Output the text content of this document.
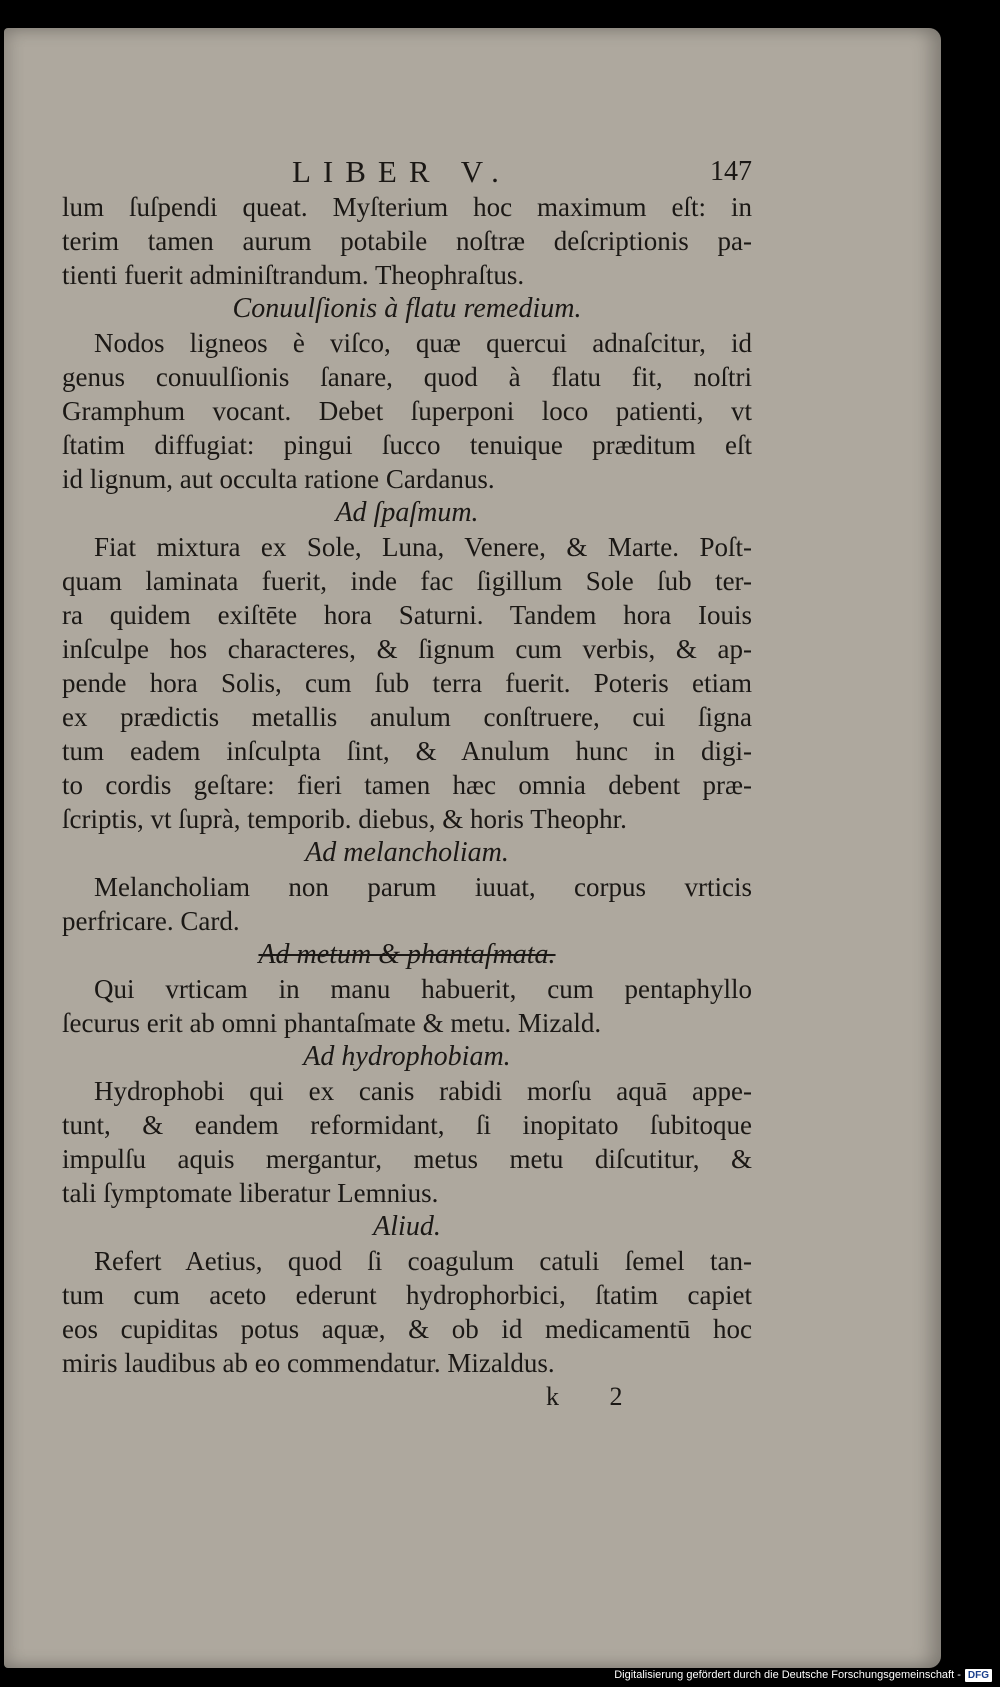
LIBER V.	147
lum ſuſpendi queat. Myſterium hoc maximum eſt: in
terim tamen aurum potabile noſtræ deſcriptionis pa-
tienti fuerit adminiſtrandum. Theophraſtus.
Conuulſionis à flatu remedium.
Nodos ligneos è viſco, quæ quercui adnaſcitur, id
genus conuulſionis ſanare, quod à flatu fit, noſtri
Gramphum vocant. Debet ſuperponi loco patienti, vt
ſtatim diffugiat: pingui ſucco tenuique præditum eſt
id lignum, aut occulta ratione Cardanus.
Ad ſpaſmum.
Fiat mixtura ex Sole, Luna, Venere, & Marte. Poſt-
quam laminata fuerit, inde fac ſigillum Sole ſub ter-
ra quidem exiſtēte hora Saturni. Tandem hora Iouis
inſculpe hos characteres, & ſignum cum verbis, & ap-
pende hora Solis, cum ſub terra fuerit. Poteris etiam
ex prædictis metallis anulum conſtruere, cui ſigna
tum eadem inſculpta ſint, & Anulum hunc in digi-
to cordis geſtare: fieri tamen hæc omnia debent præ-
ſcriptis, vt ſuprà, temporib. diebus, & horis Theophr.
Ad melancholiam.
Melancholiam non parum iuuat, corpus vrticis
perfricare. Card.
Ad metum & phantaſmata.
Qui vrticam in manu habuerit, cum pentaphyllo
ſecurus erit ab omni phantaſmate & metu. Mizald.
Ad hydrophobiam.
Hydrophobi qui ex canis rabidi morſu aquā appe-
tunt, & eandem reformidant, ſi inopitato ſubitoque
impulſu aquis mergantur, metus metu diſcutitur, &
tali ſymptomate liberatur Lemnius.
Aliud.
Refert Aetius, quod ſi coagulum catuli ſemel tan-
tum cum aceto ederunt hydrophorbici, ſtatim capiet
eos cupiditas potus aquæ, & ob id medicamentū hoc
miris laudibus ab eo commendatur. Mizaldus.
k 2
Digitalisierung gefördert durch die Deutsche Forschungsgemeinschaft - DFG
